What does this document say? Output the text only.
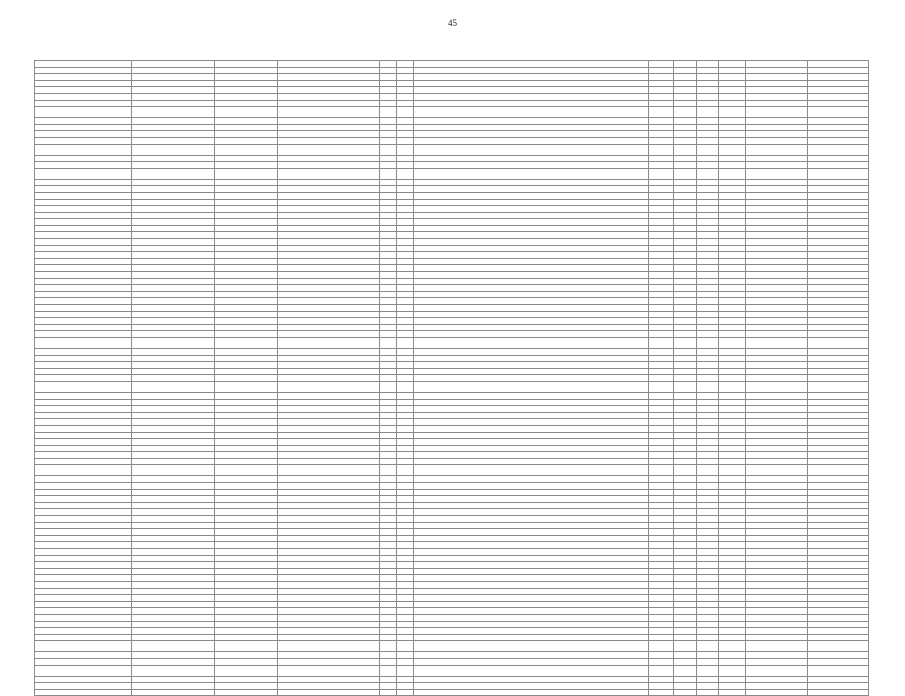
45
